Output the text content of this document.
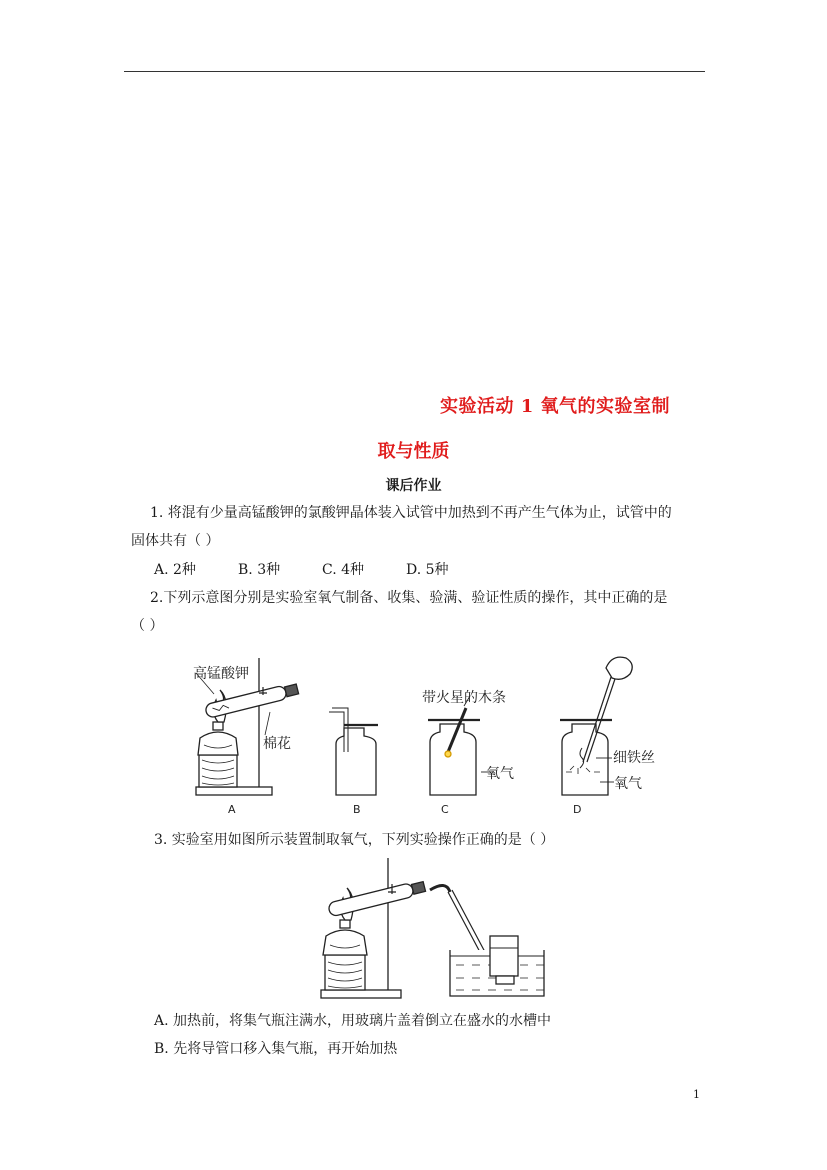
实验活动 1 氧气的实验室制
取与性质
课后作业
1. 将混有少量高锰酸钾的氯酸钾晶体装入试管中加热到不再产生气体为止，试管中的
固体共有（ ）
A. 2种	B. 3种	C. 4种	D. 5种
2.下列示意图分别是实验室氧气制备、收集、验满、验证性质的操作，其中正确的是
（ ）
高锰酸钾
棉花
带火星的木条
氧气
细铁丝
氧气
A	B	C	D
3. 实验室用如图所示装置制取氧气，下列实验操作正确的是（ ）
A. 加热前，将集气瓶注满水，用玻璃片盖着倒立在盛水的水槽中
B. 先将导管口移入集气瓶，再开始加热
1
